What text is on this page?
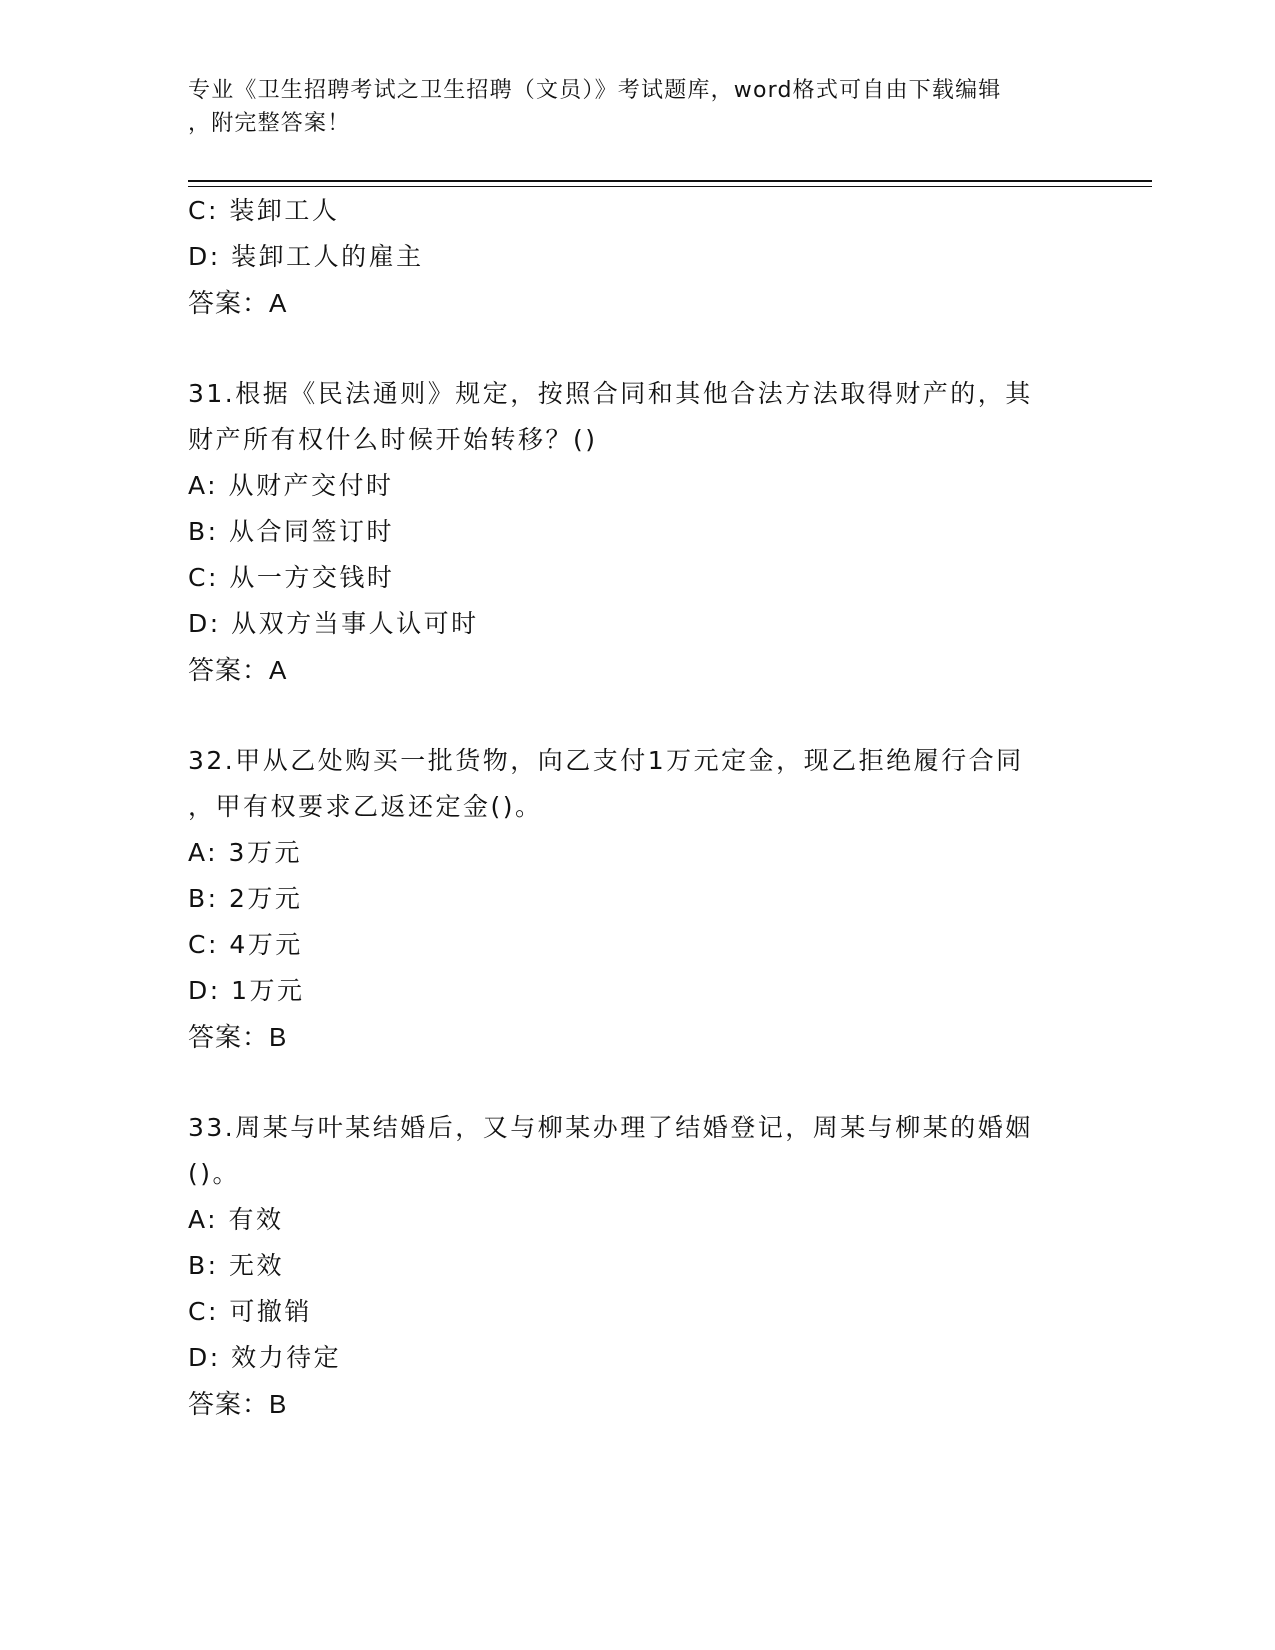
专业《卫生招聘考试之卫生招聘（文员）》考试题库，word格式可自由下载编辑

，附完整答案！

C: 装卸工人

D: 装卸工人的雇主

答案：A

31.根据《民法通则》规定，按照合同和其他合法方法取得财产的，其

财产所有权什么时候开始转移？()

A: 从财产交付时

B: 从合同签订时

C: 从一方交钱时

D: 从双方当事人认可时

答案：A

32.甲从乙处购买一批货物，向乙支付1万元定金，现乙拒绝履行合同

，甲有权要求乙返还定金()。

A: 3万元

B: 2万元

C: 4万元

D: 1万元

答案：B

33.周某与叶某结婚后，又与柳某办理了结婚登记，周某与柳某的婚姻

()。

A: 有效

B: 无效

C: 可撤销

D: 效力待定

答案：B
